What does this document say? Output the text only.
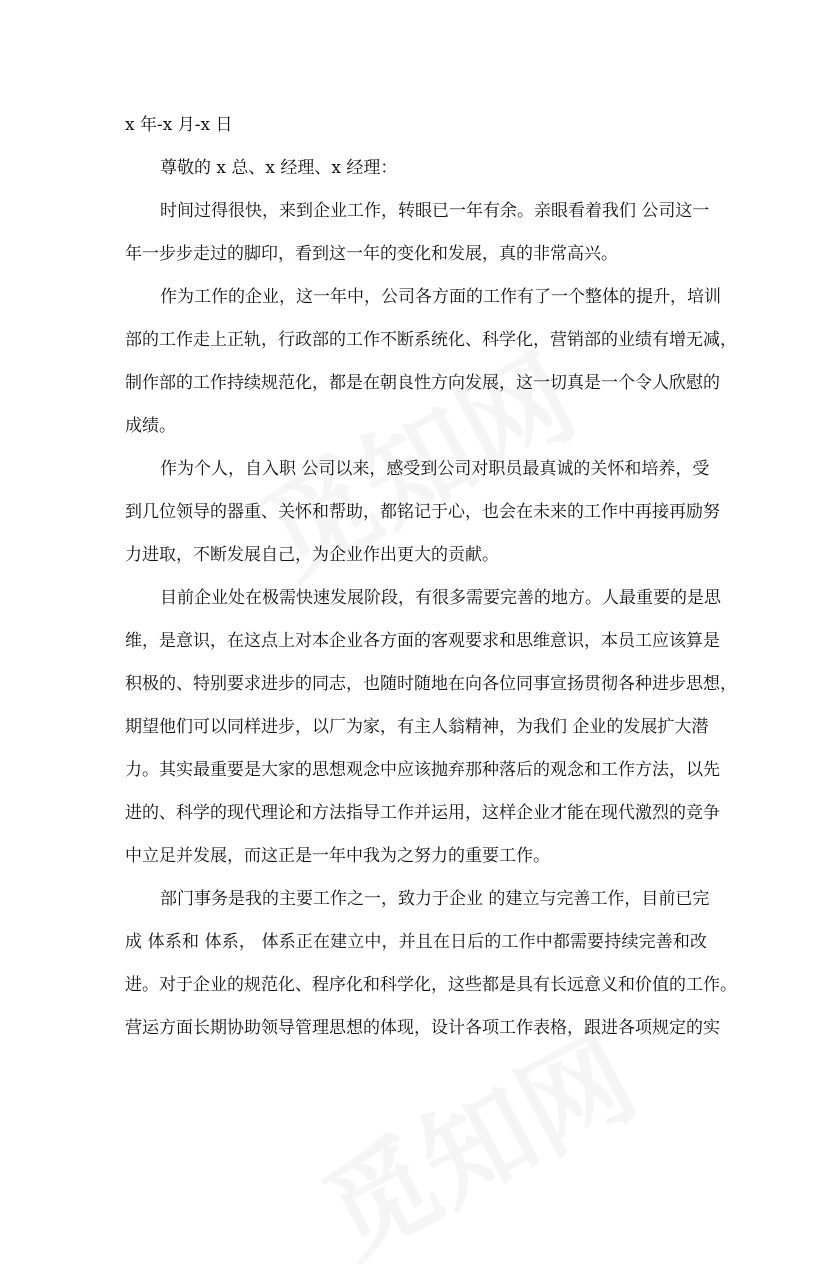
x 年-x 月-x 日
尊敬的 x 总、x 经理、x 经理：
时间过得很快，来到企业工作，转眼已一年有余。亲眼看着我们 公司这一
年一步步走过的脚印，看到这一年的变化和发展，真的非常高兴。
作为工作的企业，这一年中，公司各方面的工作有了一个整体的提升，培训
部的工作走上正轨，行政部的工作不断系统化、科学化，营销部的业绩有增无减，
制作部的工作持续规范化，都是在朝良性方向发展，这一切真是一个令人欣慰的
成绩。
作为个人，自入职 公司以来，感受到公司对职员最真诚的关怀和培养，受
到几位领导的器重、关怀和帮助，都铭记于心，也会在未来的工作中再接再励努
力进取，不断发展自己，为企业作出更大的贡献。
目前企业处在极需快速发展阶段，有很多需要完善的地方。人最重要的是思
维，是意识，在这点上对本企业各方面的客观要求和思维意识，本员工应该算是
积极的、特别要求进步的同志，也随时随地在向各位同事宣扬贯彻各种进步思想，
期望他们可以同样进步，以厂为家，有主人翁精神，为我们 企业的发展扩大潜
力。其实最重要是大家的思想观念中应该抛弃那种落后的观念和工作方法，以先
进的、科学的现代理论和方法指导工作并运用，这样企业才能在现代激烈的竞争
中立足并发展，而这正是一年中我为之努力的重要工作。
部门事务是我的主要工作之一，致力于企业 的建立与完善工作，目前已完
成 体系和 体系， 体系正在建立中，并且在日后的工作中都需要持续完善和改
进。对于企业的规范化、程序化和科学化，这些都是具有长远意义和价值的工作。
营运方面长期协助领导管理思想的体现，设计各项工作表格，跟进各项规定的实
